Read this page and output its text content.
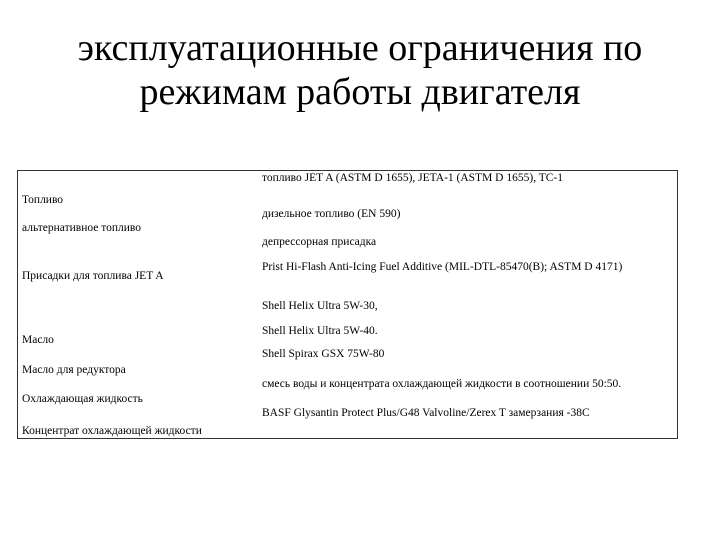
эксплуатационные ограничения по
режимам работы двигателя
Топливо	топливо JET A (ASTM D 1655), JETA-1 (ASTM D 1655), TC-1

альтернативное топливо	дизельное топливо (EN 590)

Присадки для топлива JET A	депрессорная присадка
Prist Hi-Flash Anti-Icing Fuel Additive (MIL-DTL-85470(B); ASTM D 4171)

Масло	Shell Helix Ultra 5W-30,
Shell Helix Ultra 5W-40.

Масло для редуктора	Shell Spirax GSX 75W-80

Охлаждающая жидкость	смесь воды и концентрата охлаждающей жидкости в соотношении 50:50.

Концентрат охлаждающей жидкости	BASF Glysantin Protect Plus/G48 Valvoline/Zerex T замерзания -38С
